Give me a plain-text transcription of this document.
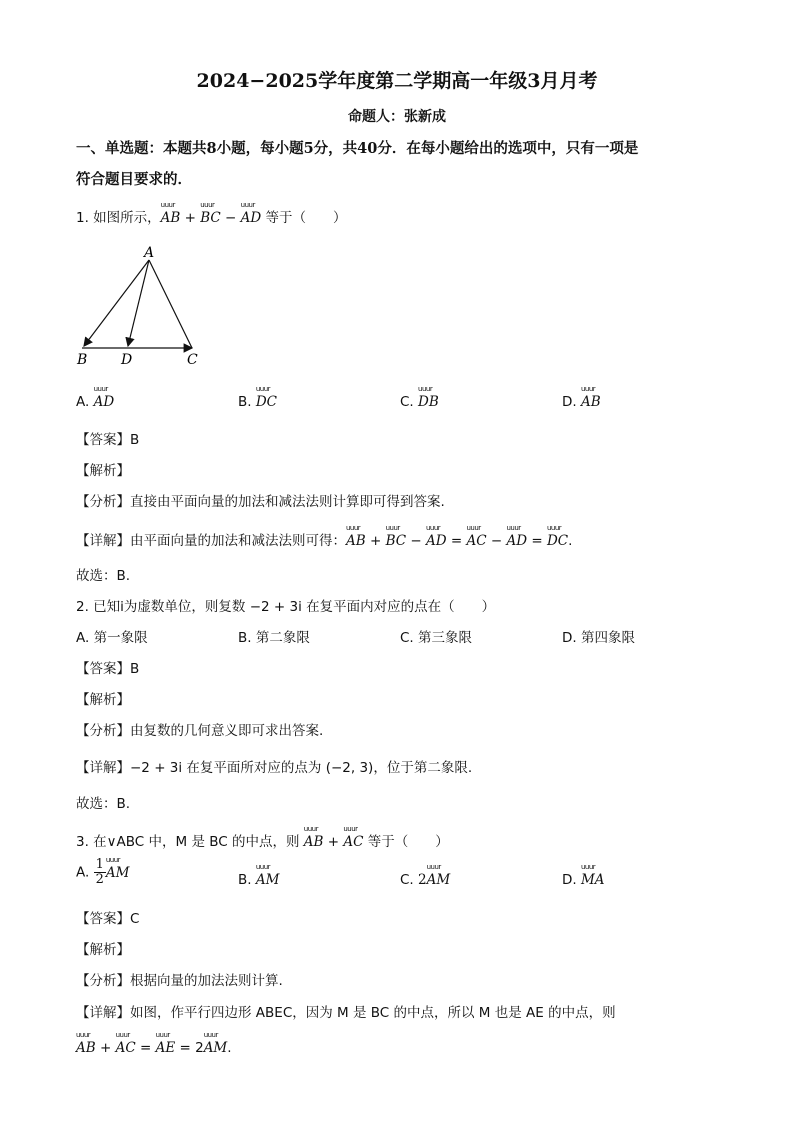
2024−2025学年度第二学期高一年级3月月考
命题人：张新成
一、单选题：本题共8小题，每小题5分，共40分．在每小题给出的选项中，只有一项是
符合题目要求的．
1. 如图所示，uuur AB + uuur BC − uuur AD 等于（　　）
A
B D	C
A. uuur AD	B. uuur DC	C. uuur DB	D. uuur AB
【答案】B
【解析】
【分析】直接由平面向量的加法和减法法则计算即可得到答案.
【详解】由平面向量的加法和减法法则可得：uuur AB + uuur BC − uuur AD = uuur AC − uuur AD = uuur DC.
故选：B.
2. 已知i为虚数单位，则复数 −2 + 3i 在复平面内对应的点在（　　）
A. 第一象限	B. 第二象限	C. 第三象限	D. 第四象限
【答案】B
【解析】
【分析】由复数的几何意义即可求出答案.
【详解】−2 + 3i 在复平面所对应的点为 (−2, 3)，位于第二象限.
故选：B.
3. 在∨ABC 中，M 是 BC 的中点，则 uuur AB + uuur AC 等于（　　）
A. $\frac{1}{2}$ uuur AM	B. uuur AM	C. 2uuur AM	D. uuur MA
【答案】C
【解析】
【分析】根据向量的加法法则计算.
【详解】如图，作平行四边形 ABEC，因为 M 是 BC 的中点，所以 M 也是 AE 的中点，则
uuur AB + uuur AC = uuur AE = 2uuur AM.
